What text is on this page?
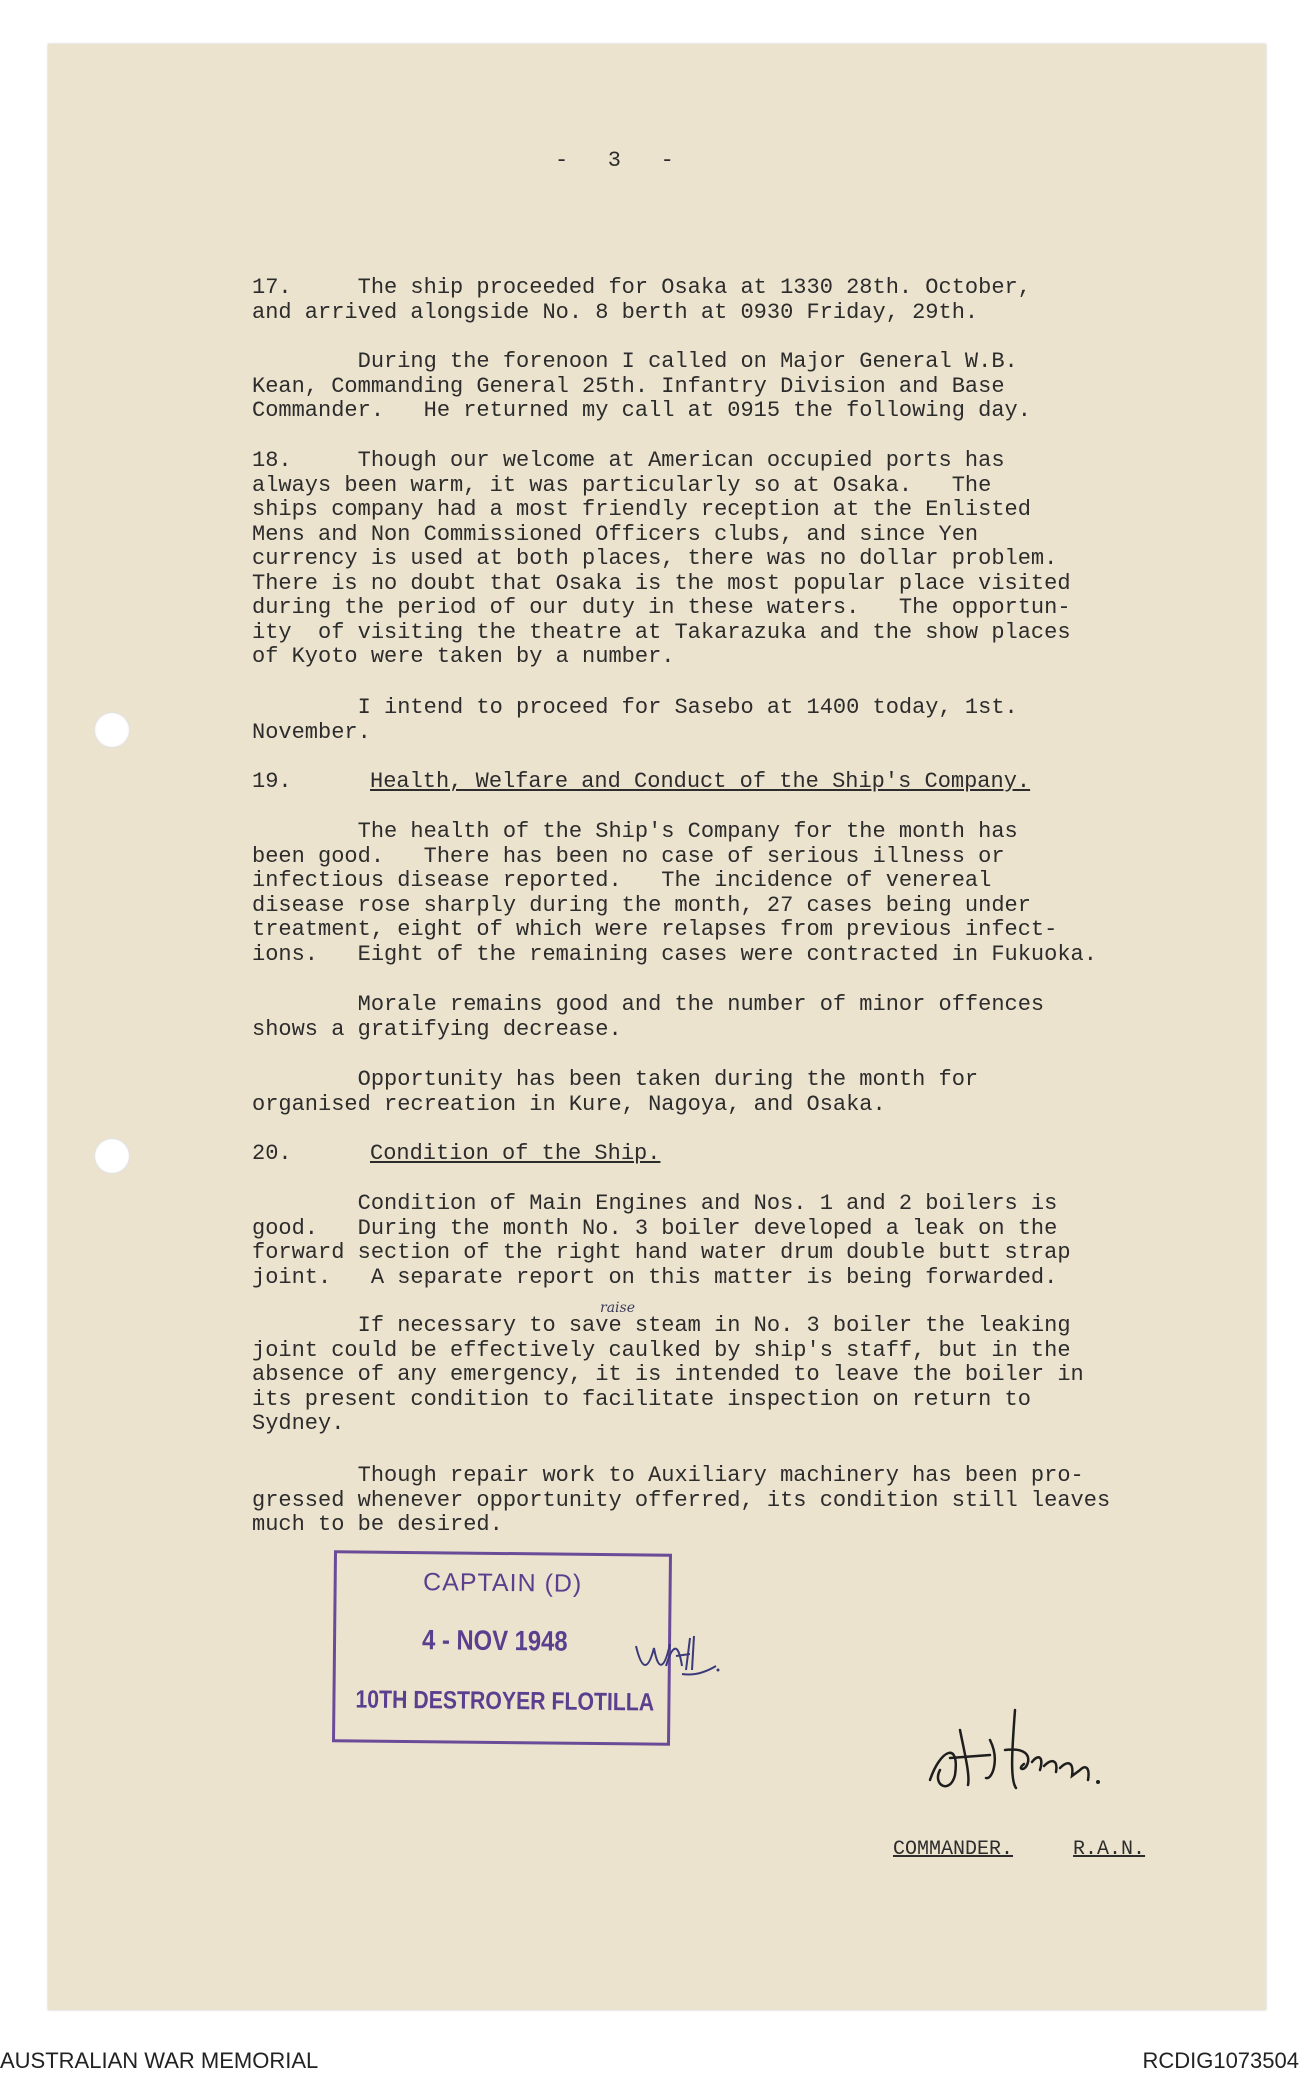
-   3   -
17.     The ship proceeded for Osaka at 1330 28th. October,
and arrived alongside No. 8 berth at 0930 Friday, 29th.
During the forenoon I called on Major General W.B.
Kean, Commanding General 25th. Infantry Division and Base
Commander.   He returned my call at 0915 the following day.
18.     Though our welcome at American occupied ports has
always been warm, it was particularly so at Osaka.   The
ships company had a most friendly reception at the Enlisted
Mens and Non Commissioned Officers clubs, and since Yen
currency is used at both places, there was no dollar problem.
There is no doubt that Osaka is the most popular place visited
during the period of our duty in these waters.   The opportun-
ity  of visiting the theatre at Takarazuka and the show places
of Kyoto were taken by a number.
I intend to proceed for Sasebo at 1400 today, 1st.
November.
19.	Health, Welfare and Conduct of the Ship's Company.
The health of the Ship's Company for the month has
been good.   There has been no case of serious illness or
infectious disease reported.   The incidence of venereal
disease rose sharply during the month, 27 cases being under
treatment, eight of which were relapses from previous infect-
ions.   Eight of the remaining cases were contracted in Fukuoka.
Morale remains good and the number of minor offences
shows a gratifying decrease.
Opportunity has been taken during the month for
organised recreation in Kure, Nagoya, and Osaka.
20.	Condition of the Ship.
Condition of Main Engines and Nos. 1 and 2 boilers is
good.   During the month No. 3 boiler developed a leak on the
forward section of the right hand water drum double butt strap
joint.   A separate report on this matter is being forwarded.
If necessary to save steam in No. 3 boiler the leaking
joint could be effectively caulked by ship's staff, but in the
absence of any emergency, it is intended to leave the boiler in
its present condition to facilitate inspection on return to
Sydney.
Though repair work to Auxiliary machinery has been pro-
gressed whenever opportunity offerred, its condition still leaves
much to be desired.
raise
CAPTAIN (D)
4 - NOV 1948
10TH DESTROYER FLOTILLA
COMMANDER.	R.A.N.
AUSTRALIAN WAR MEMORIAL	RCDIG1073504
